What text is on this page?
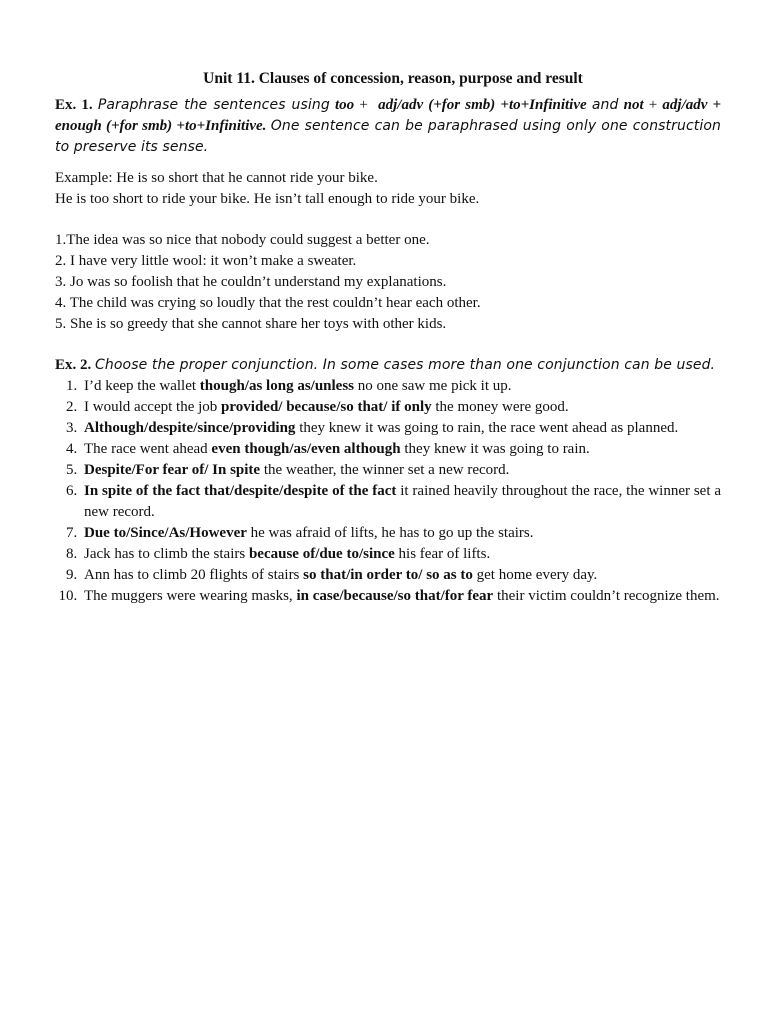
Unit 11. Clauses of concession, reason, purpose and result

Ex. 1. Paraphrase the sentences using too + adj/adv (+for smb) +to+Infinitive and not + adj/adv + enough (+for smb) +to+Infinitive. One sentence can be paraphrased using only one construction to preserve its sense.

Example: He is so short that he cannot ride your bike.

He is too short to ride your bike. He isn’t tall enough to ride your bike.

1.The idea was so nice that nobody could suggest a better one.

2. I have very little wool: it won’t make a sweater.

3. Jo was so foolish that he couldn’t understand my explanations.

4. The child was crying so loudly that the rest couldn’t hear each other.

5. She is so greedy that she cannot share her toys with other kids.

Ex. 2. Choose the proper conjunction. In some cases more than one conjunction can be used.

1. I’d keep the wallet though/as long as/unless no one saw me pick it up.
2. I would accept the job provided/ because/so that/ if only the money were good.
3. Although/despite/since/providing they knew it was going to rain, the race went ahead as planned.
4. The race went ahead even though/as/even although they knew it was going to rain.
5. Despite/For fear of/ In spite the weather, the winner set a new record.
6. In spite of the fact that/despite/despite of the fact it rained heavily throughout the race, the winner set a new record.
7. Due to/Since/As/However he was afraid of lifts, he has to go up the stairs.
8. Jack has to climb the stairs because of/due to/since his fear of lifts.
9. Ann has to climb 20 flights of stairs so that/in order to/ so as to get home every day.
10. The muggers were wearing masks, in case/because/so that/for fear their victim couldn’t recognize them.
